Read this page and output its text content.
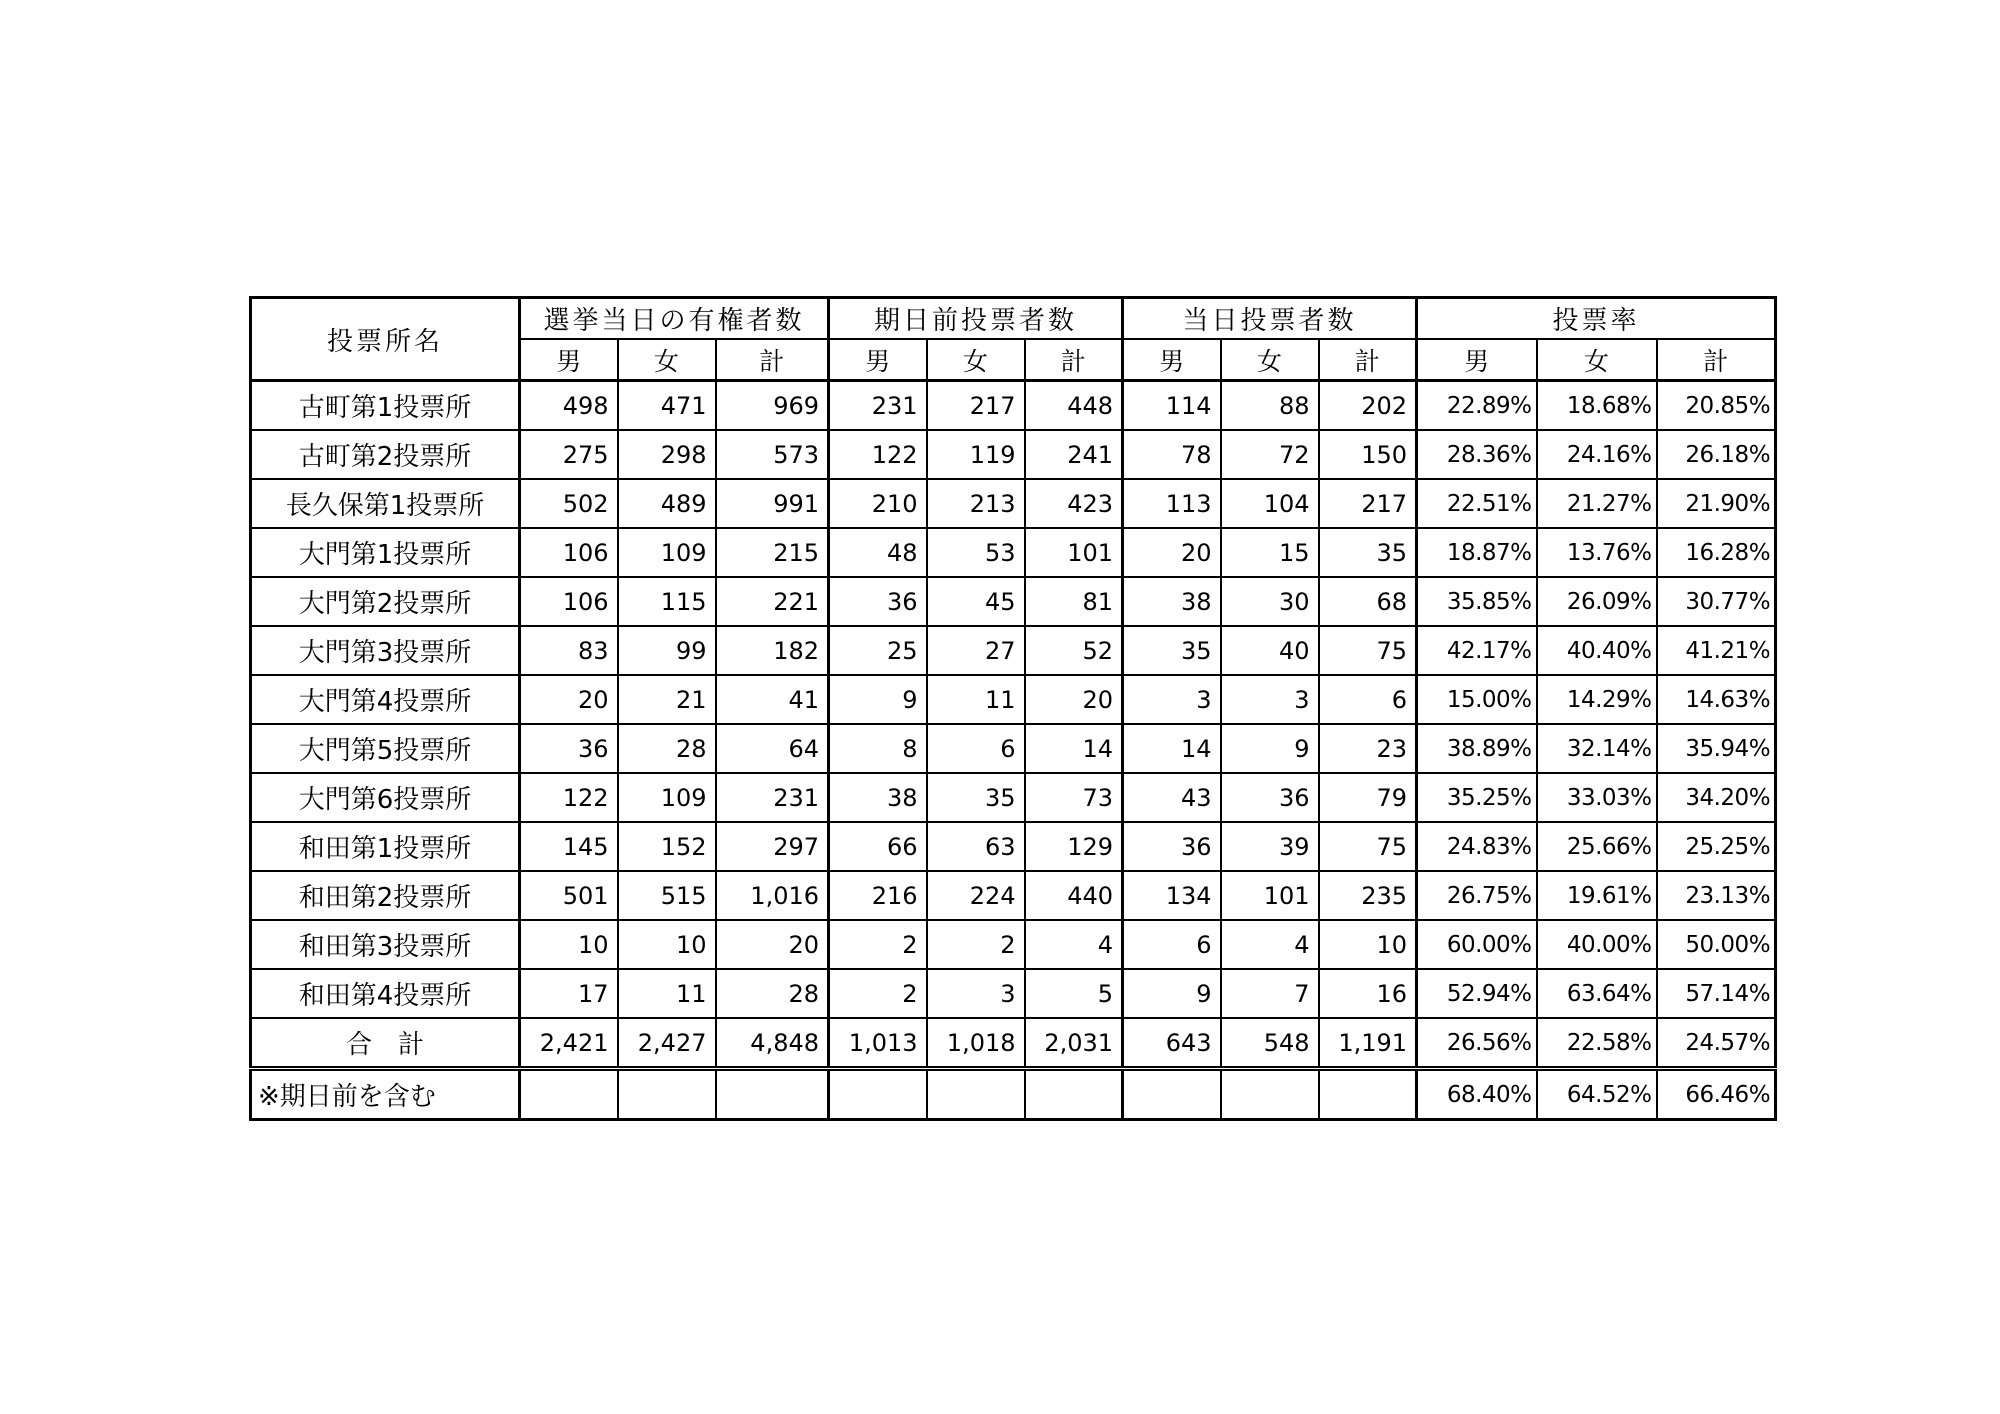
投票所名	選挙当日の有権者数			期日前投票者数			当日投票者数			投票率		
	男	女	計	男	女	計	男	女	計	男	女	計
古町第1投票所	498	471	969	231	217	448	114	88	202	22.89%	18.68%	20.85%
古町第2投票所	275	298	573	122	119	241	78	72	150	28.36%	24.16%	26.18%
長久保第1投票所	502	489	991	210	213	423	113	104	217	22.51%	21.27%	21.90%
大門第1投票所	106	109	215	48	53	101	20	15	35	18.87%	13.76%	16.28%
大門第2投票所	106	115	221	36	45	81	38	30	68	35.85%	26.09%	30.77%
大門第3投票所	83	99	182	25	27	52	35	40	75	42.17%	40.40%	41.21%
大門第4投票所	20	21	41	9	11	20	3	3	6	15.00%	14.29%	14.63%
大門第5投票所	36	28	64	8	6	14	14	9	23	38.89%	32.14%	35.94%
大門第6投票所	122	109	231	38	35	73	43	36	79	35.25%	33.03%	34.20%
和田第1投票所	145	152	297	66	63	129	36	39	75	24.83%	25.66%	25.25%
和田第2投票所	501	515	1,016	216	224	440	134	101	235	26.75%	19.61%	23.13%
和田第3投票所	10	10	20	2	2	4	6	4	10	60.00%	40.00%	50.00%
和田第4投票所	17	11	28	2	3	5	9	7	16	52.94%	63.64%	57.14%
合計	2,421	2,427	4,848	1,013	1,018	2,031	643	548	1,191	26.56%	22.58%	24.57%
※期日前を含む										68.40%	64.52%	66.46%
